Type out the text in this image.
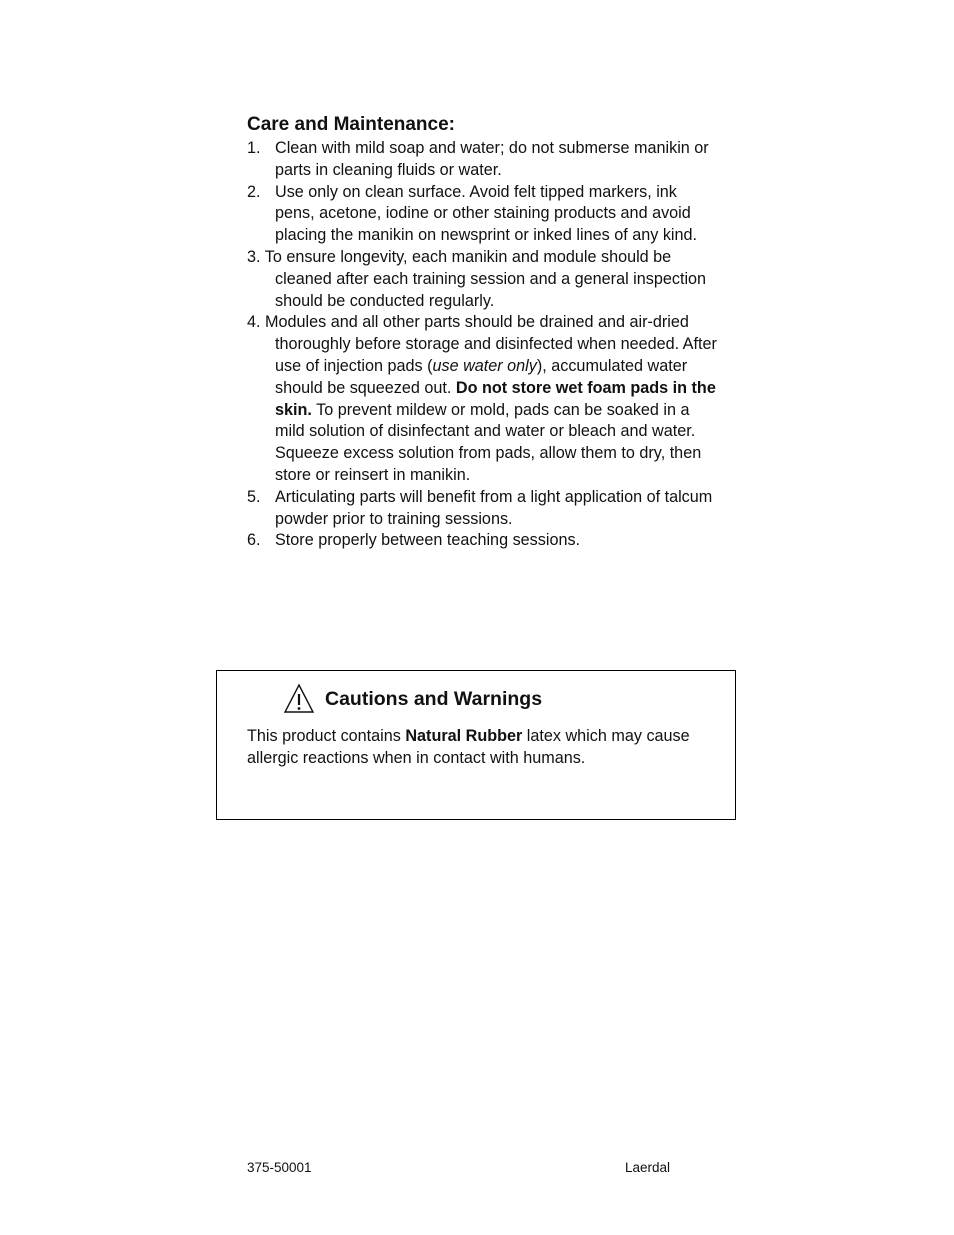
Care and Maintenance:
1. Clean with mild soap and water; do not submerse manikin or parts in cleaning fluids or water.
2. Use only on clean surface. Avoid felt tipped markers, ink pens, acetone, iodine or other staining products and avoid placing the manikin on newsprint or inked lines of any kind.
3. To ensure longevity, each manikin and module should be cleaned after each training session and a general inspection should be conducted regularly.
4. Modules and all other parts should be drained and air-dried thoroughly before storage and disinfected when needed. After use of injection pads (use water only), accumulated water should be squeezed out. Do not store wet foam pads in the skin. To prevent mildew or mold, pads can be soaked in a mild solution of disinfectant and water or bleach and water. Squeeze excess solution from pads, allow them to dry, then store or reinsert in manikin.
5. Articulating parts will benefit from a light application of talcum powder prior to training sessions.
6. Store properly between teaching sessions.
Cautions and Warnings
This product contains Natural Rubber latex which may cause allergic reactions when in contact with humans.
375-50001	Laerdal
